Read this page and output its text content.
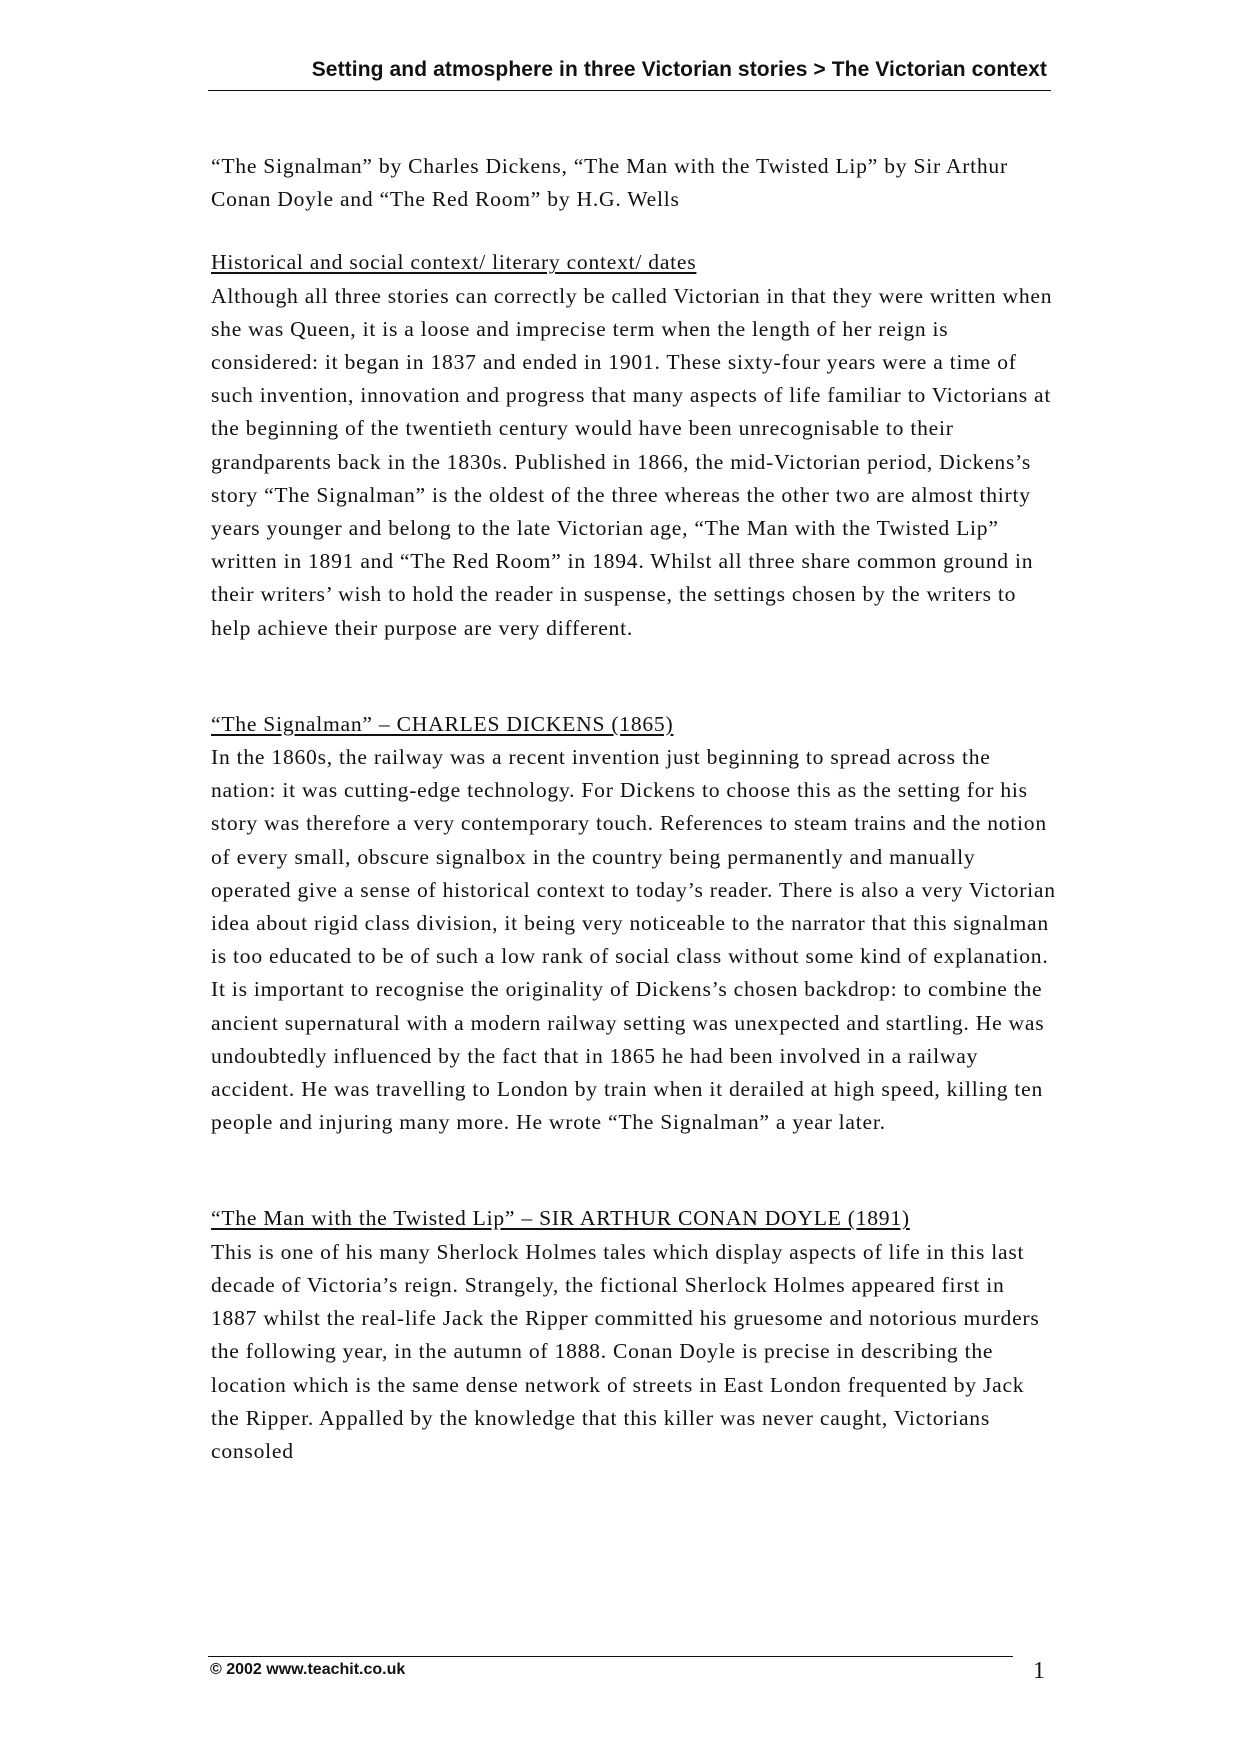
Setting and atmosphere in three Victorian stories > The Victorian context

“The Signalman” by Charles Dickens, “The Man with the Twisted Lip” by Sir Arthur Conan Doyle and “The Red Room” by H.G. Wells

Historical and social context/ literary context/ dates
Although all three stories can correctly be called Victorian in that they were written when she was Queen, it is a loose and imprecise term when the length of her reign is considered: it began in 1837 and ended in 1901. These sixty-four years were a time of such invention, innovation and progress that many aspects of life familiar to Victorians at the beginning of the twentieth century would have been unrecognisable to their grandparents back in the 1830s. Published in 1866, the mid-Victorian period, Dickens’s story “The Signalman” is the oldest of the three whereas the other two are almost thirty years younger and belong to the late Victorian age, “The Man with the Twisted Lip” written in 1891 and “The Red Room” in 1894. Whilst all three share common ground in their writers’ wish to hold the reader in suspense, the settings chosen by the writers to help achieve their purpose are very different.
“The Signalman” – CHARLES DICKENS (1865)
In the 1860s, the railway was a recent invention just beginning to spread across the nation: it was cutting-edge technology. For Dickens to choose this as the setting for his story was therefore a very contemporary touch. References to steam trains and the notion of every small, obscure signalbox in the country being permanently and manually operated give a sense of historical context to today’s reader. There is also a very Victorian idea about rigid class division, it being very noticeable to the narrator that this signalman is too educated to be of such a low rank of social class without some kind of explanation. It is important to recognise the originality of Dickens’s chosen backdrop: to combine the ancient supernatural with a modern railway setting was unexpected and startling. He was undoubtedly influenced by the fact that in 1865 he had been involved in a railway accident. He was travelling to London by train when it derailed at high speed, killing ten people and injuring many more. He wrote “The Signalman” a year later.
“The Man with the Twisted Lip” – SIR ARTHUR CONAN DOYLE (1891)
This is one of his many Sherlock Holmes tales which display aspects of life in this last decade of Victoria’s reign. Strangely, the fictional Sherlock Holmes appeared first in 1887 whilst the real-life Jack the Ripper committed his gruesome and notorious murders the following year, in the autumn of 1888. Conan Doyle is precise in describing the location which is the same dense network of streets in East London frequented by Jack the Ripper. Appalled by the knowledge that this killer was never caught, Victorians consoled
© 2002 www.teachit.co.uk	1
